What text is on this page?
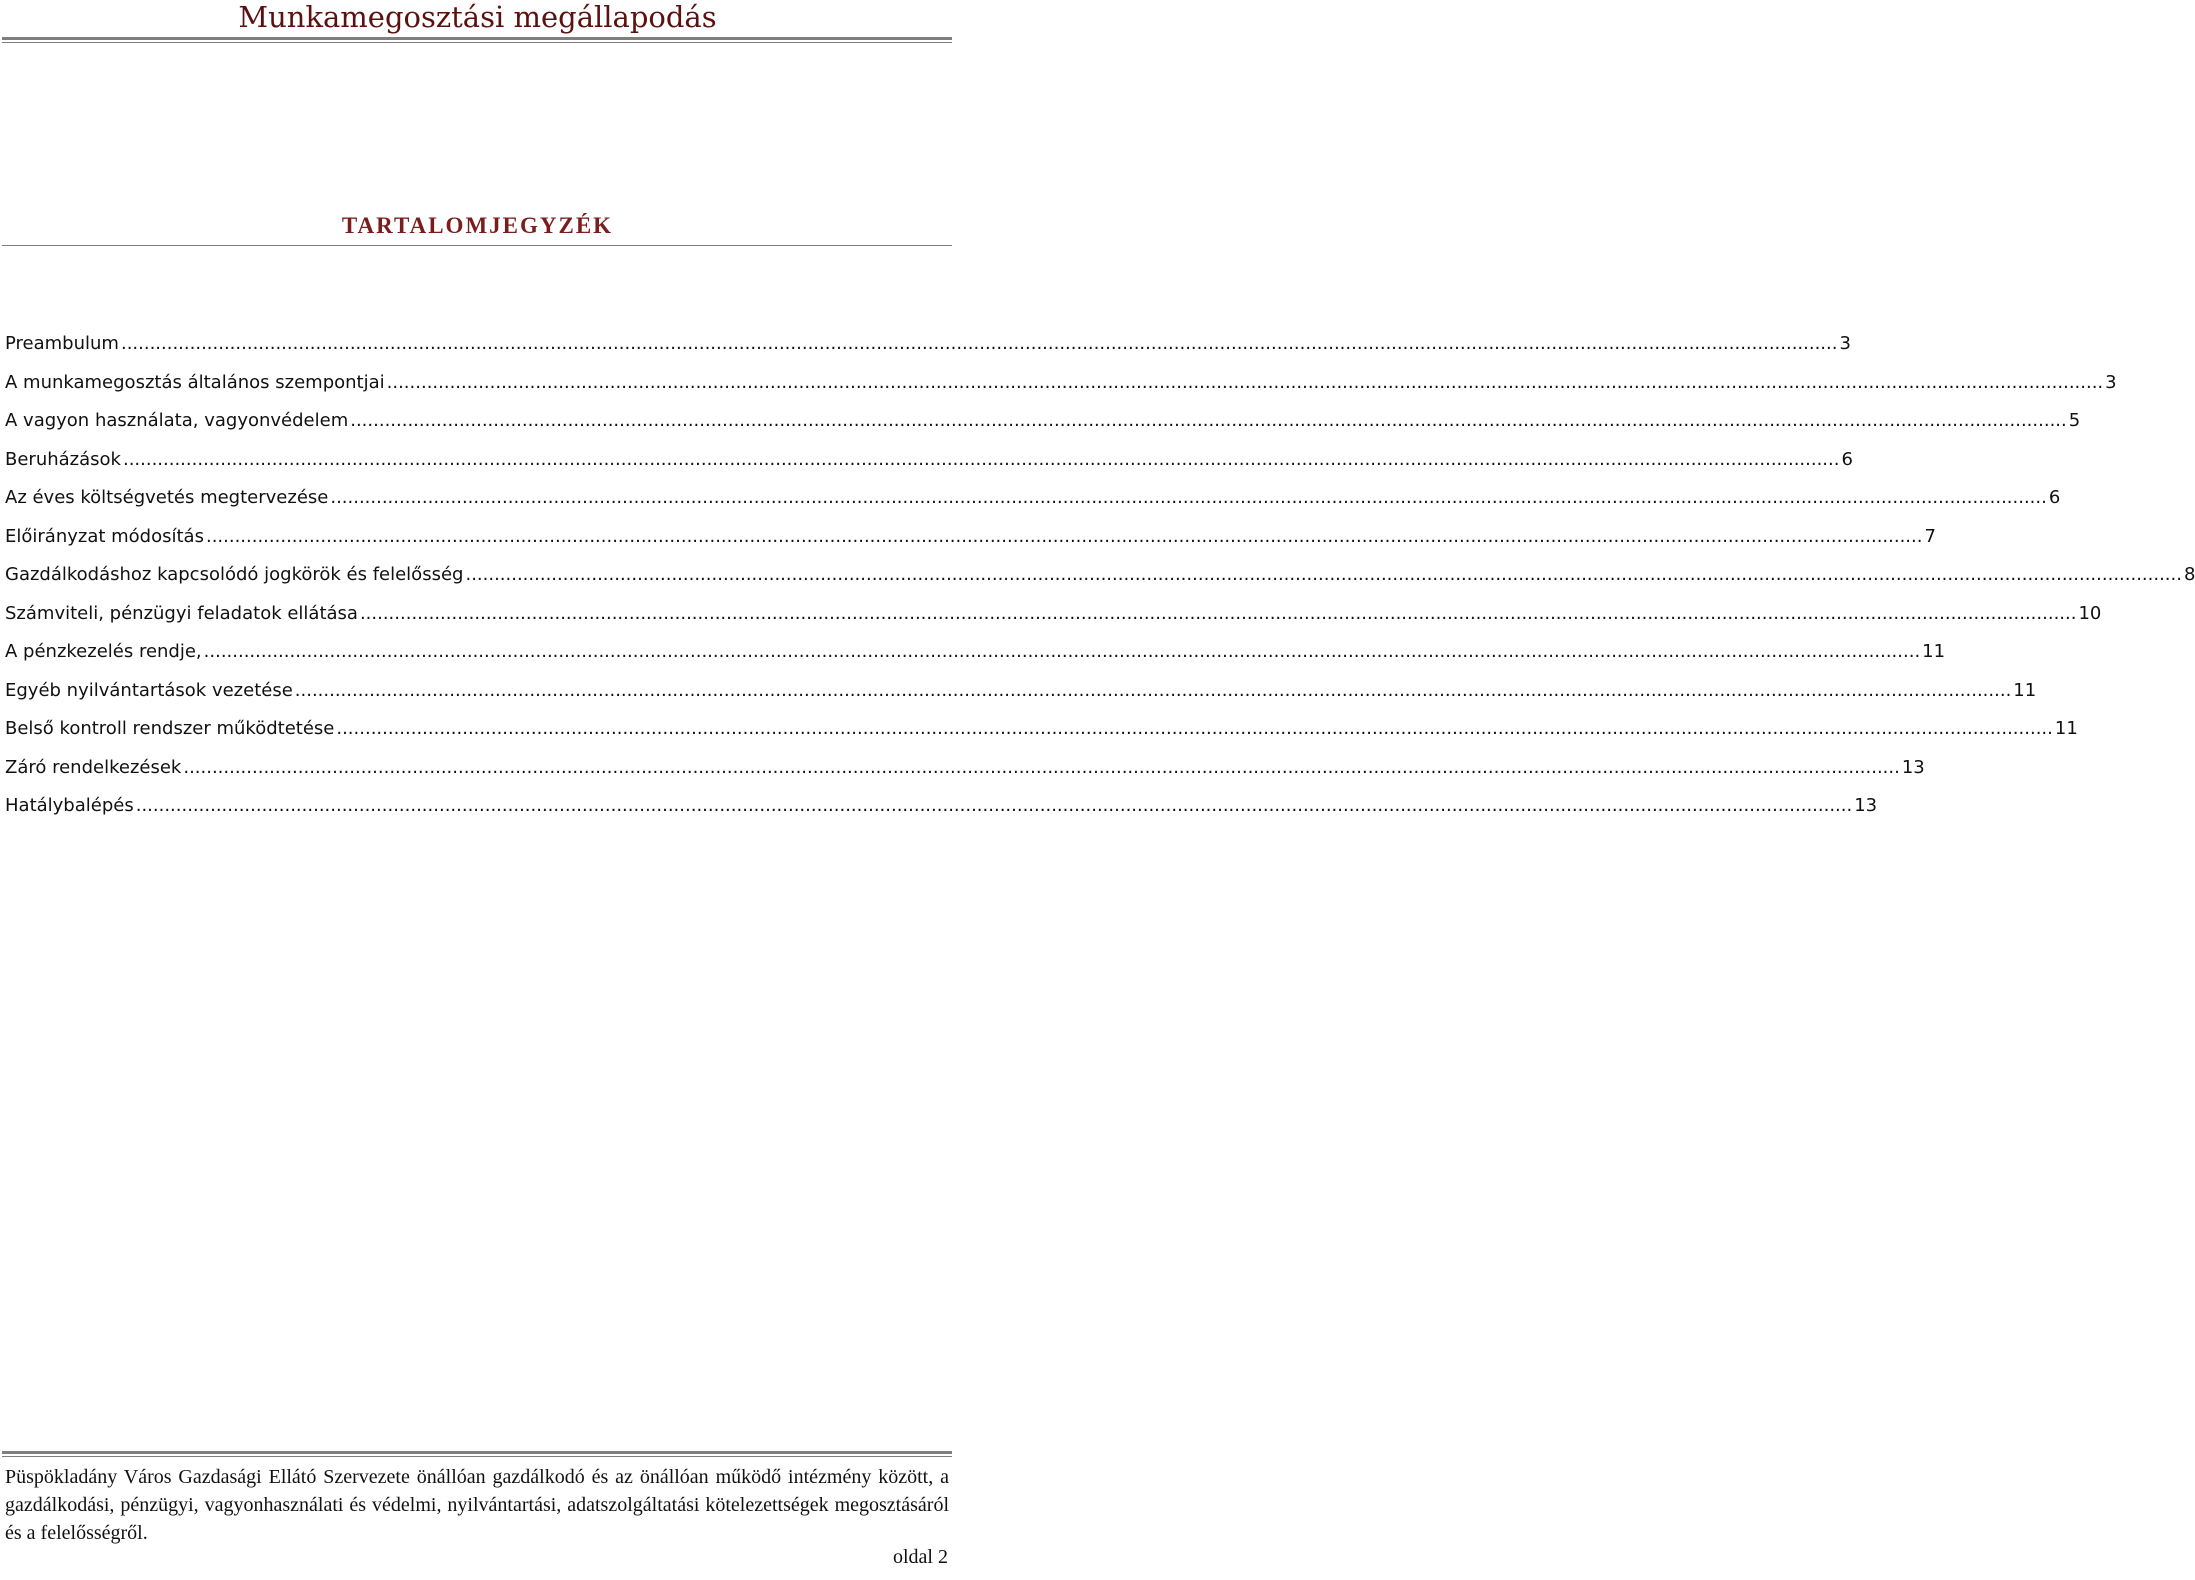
Munkamegosztási megállapodás
TARTALOMJEGYZÉK
Preambulum ............................................................................................................................................................................................................................................................................................................ 3
A munkamegosztás általános szempontjai ............................................................................................................................................................................................................................................................................................................ 3
A vagyon használata, vagyonvédelem ............................................................................................................................................................................................................................................................................................................ 5
Beruházások ............................................................................................................................................................................................................................................................................................................ 6
Az éves költségvetés megtervezése ............................................................................................................................................................................................................................................................................................................ 6
Előirányzat módosítás ............................................................................................................................................................................................................................................................................................................ 7
Gazdálkodáshoz kapcsolódó jogkörök és felelősség ............................................................................................................................................................................................................................................................................................................ 8
Számviteli, pénzügyi feladatok ellátása ............................................................................................................................................................................................................................................................................................................ 10
A pénzkezelés rendje, ............................................................................................................................................................................................................................................................................................................ 11
Egyéb nyilvántartások vezetése ............................................................................................................................................................................................................................................................................................................ 11
Belső kontroll rendszer működtetése ............................................................................................................................................................................................................................................................................................................ 11
Záró rendelkezések ............................................................................................................................................................................................................................................................................................................ 13
Hatálybalépés ............................................................................................................................................................................................................................................................................................................ 13
Püspökladány Város Gazdasági Ellátó Szervezete önállóan gazdálkodó és az önállóan működő intézmény között, a gazdálkodási, pénzügyi, vagyonhasználati és védelmi, nyilvántartási, adatszolgáltatási kötelezettségek megosztásáról és a felelősségről.
oldal 2
